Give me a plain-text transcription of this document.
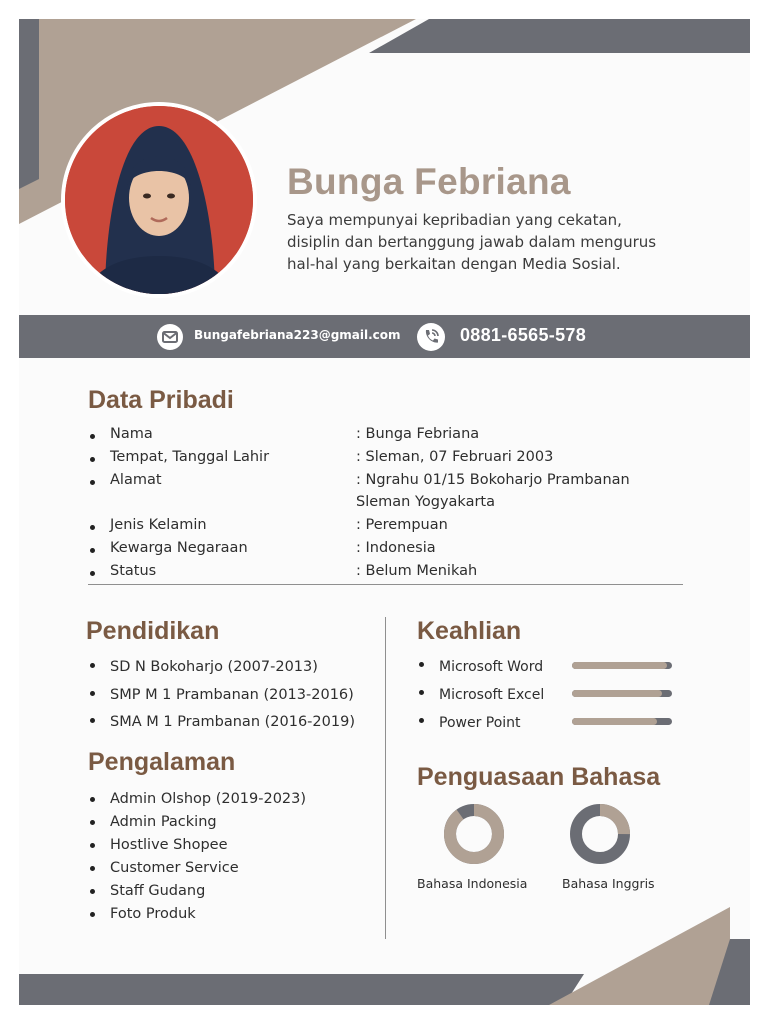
Bunga Febriana
Saya mempunyai kepribadian yang cekatan,
disiplin dan bertanggung jawab dalam mengurus
hal-hal yang berkaitan dengan Media Sosial.
Bungafebriana223@gmail.com	0881-6565-578
Data Pribadi
Nama	: Bunga Febriana
Tempat, Tanggal Lahir	: Sleman, 07 Februari 2003
Alamat	: Ngrahu 01/15 Bokoharjo Prambanan
Sleman Yogyakarta
Jenis Kelamin	: Perempuan
Kewarga Negaraan	: Indonesia
Status	: Belum Menikah
Pendidikan
SD N Bokoharjo (2007-2013)
SMP M 1 Prambanan (2013-2016)
SMA M 1 Prambanan (2016-2019)
Pengalaman
Admin Olshop (2019-2023)
Admin Packing
Hostlive Shopee
Customer Service
Staff Gudang
Foto Produk
Keahlian
Microsoft Word
Microsoft Excel
Power Point
Penguasaan Bahasa
Bahasa Indonesia	Bahasa Inggris
